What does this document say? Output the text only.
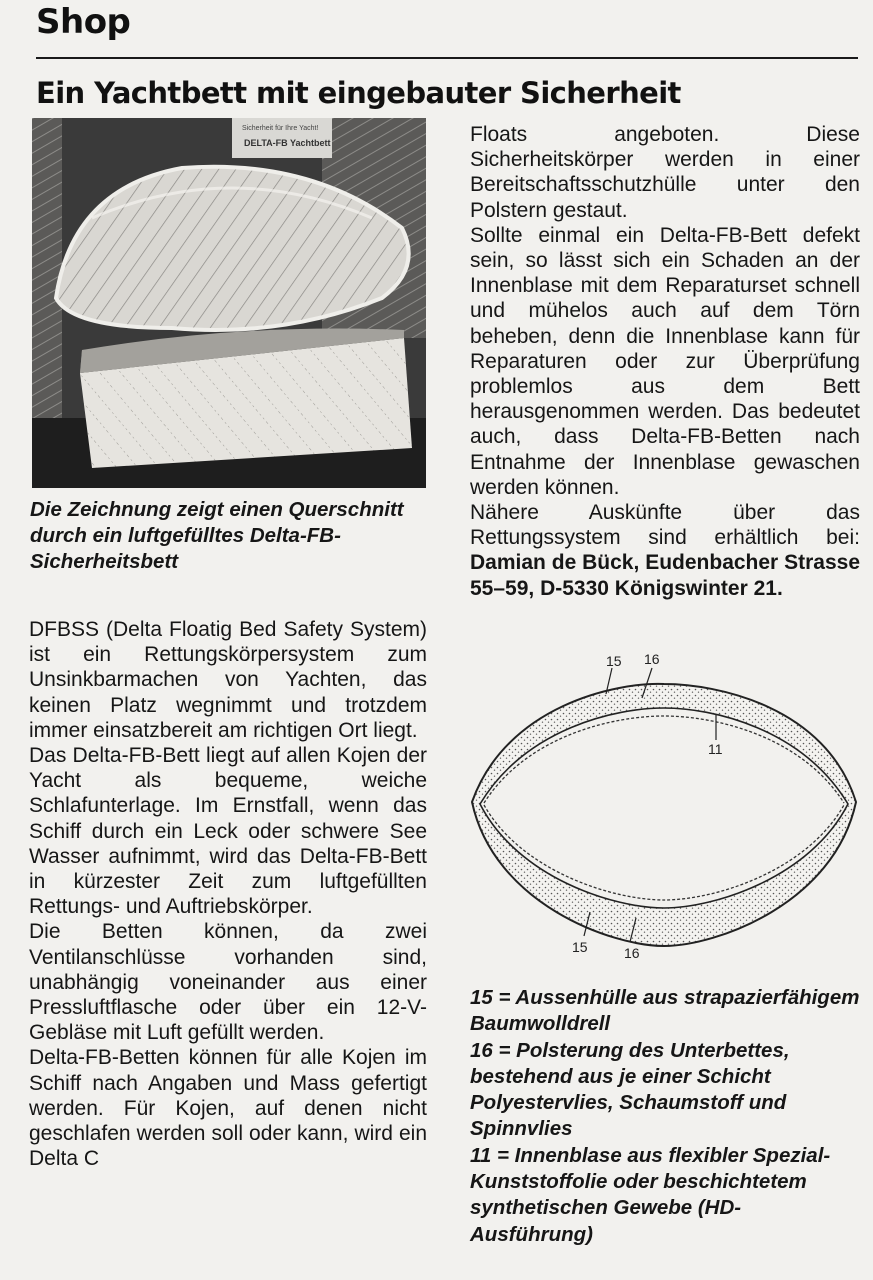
Shop
Ein Yachtbett mit eingebauter Sicherheit
Sicherheit für Ihre Yacht!
DELTA-FB Yachtbett
Die Zeichnung zeigt einen Querschnitt durch ein luftgefülltes Delta-FB-Sicherheitsbett

DFBSS (Delta Floatig Bed Safety System) ist ein Rettungskörpersystem zum Unsinkbarmachen von Yachten, das keinen Platz wegnimmt und trotzdem immer einsatzbereit am richtigen Ort liegt.

Das Delta-FB-Bett liegt auf allen Kojen der Yacht als bequeme, weiche Schlafunterlage. Im Ernstfall, wenn das Schiff durch ein Leck oder schwere See Wasser aufnimmt, wird das Delta-FB-Bett in kürzester Zeit zum luftgefüllten Rettungs- und Auftriebskörper.

Die Betten können, da zwei Ventilanschlüsse vorhanden sind, unabhängig voneinander aus einer Pressluftflasche oder über ein 12-V-Gebläse mit Luft gefüllt werden.

Delta-FB-Betten können für alle Kojen im Schiff nach Angaben und Mass gefertigt werden. Für Kojen, auf denen nicht geschlafen werden soll oder kann, wird ein Delta C

Floats angeboten. Diese Sicherheitskörper werden in einer Bereitschaftsschutzhülle unter den Polstern gestaut.

Sollte einmal ein Delta-FB-Bett defekt sein, so lässt sich ein Schaden an der Innenblase mit dem Reparaturset schnell und mühelos auch auf dem Törn beheben, denn die Innenblase kann für Reparaturen oder zur Überprüfung problemlos aus dem Bett herausgenommen werden. Das bedeutet auch, dass Delta-FB-Betten nach Entnahme der Innenblase gewaschen werden können.

Nähere Auskünfte über das Rettungssystem sind erhältlich bei: Damian de Bück, Eudenbacher Strasse 55–59, D-5330 Königswinter 21.

15 16
11
15	16

15 = Aussenhülle aus strapazierfähigem Baumwolldrell

16 = Polsterung des Unterbettes, bestehend aus je einer Schicht Polyestervlies, Schaumstoff und Spinnvlies

11 = Innenblase aus flexibler Spezial-Kunststoffolie oder beschichtetem synthetischen Gewebe (HD-Ausführung)
